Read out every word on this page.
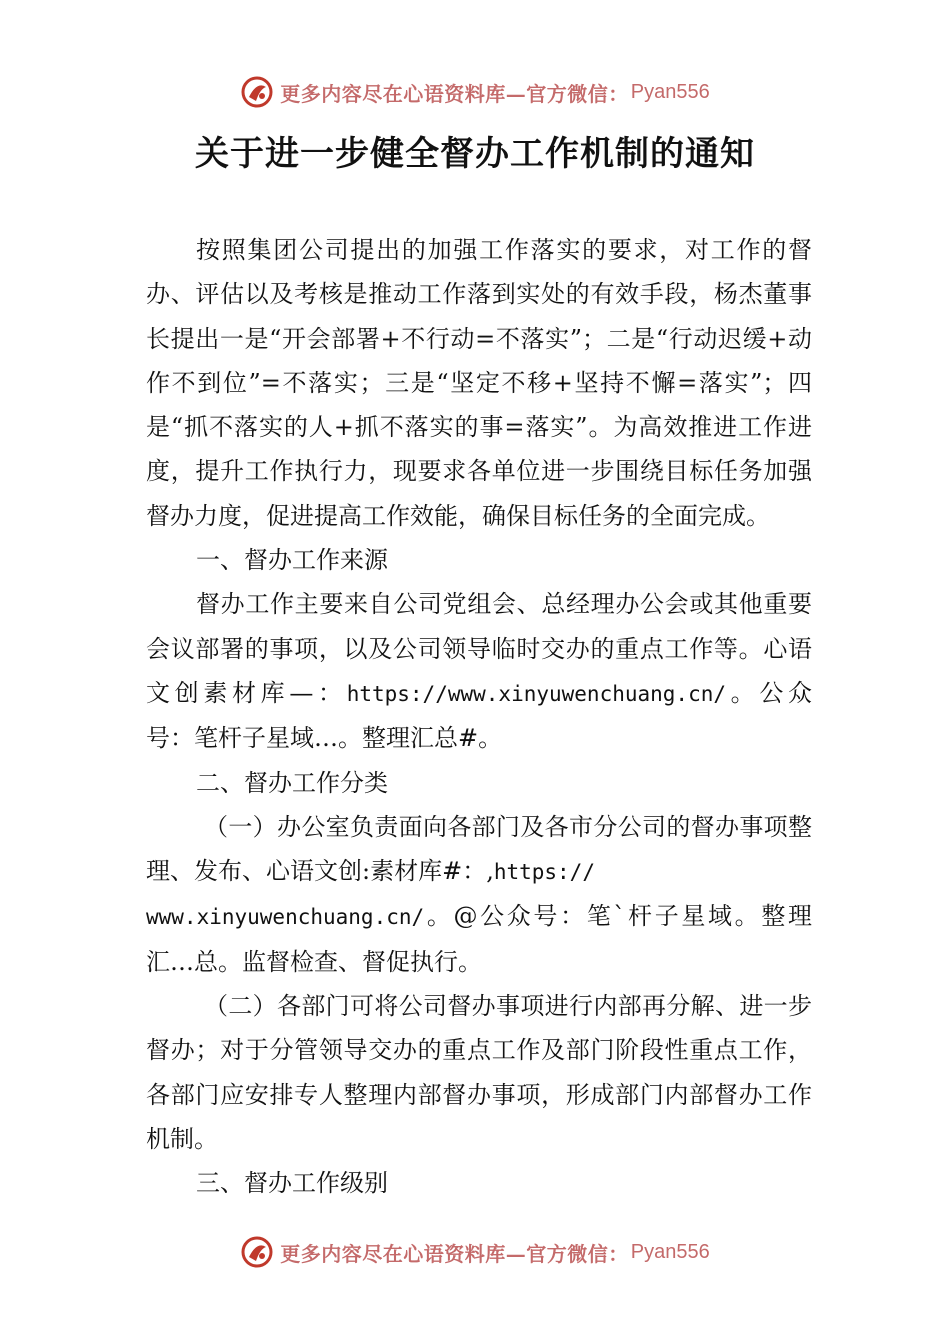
更多内容尽在心语资料库—官方微信： Pyan556
关于进一步健全督办工作机制的通知

按照集团公司提出的加强工作落实的要求，对工作的督办、评估以及考核是推动工作落到实处的有效手段，杨杰董事长提出一是“开会部署+不行动=不落实”；二是“行动迟缓+动作不到位”=不落实；三是“坚定不移+坚持不懈=落实”；四是“抓不落实的人+抓不落实的事=落实”。为高效推进工作进度，提升工作执行力，现要求各单位进一步围绕目标任务加强督办力度，促进提高工作效能，确保目标任务的全面完成。

一、督办工作来源

督办工作主要来自公司党组会、总经理办公会或其他重要会议部署的事项，以及公司领导临时交办的重点工作等。心语文创素材库—：https://www.xinyuwenchuang.cn/。公众号：笔杆子星域…。整理汇总#。

二、督办工作分类

（一）办公室负责面向各部门及各市分公司的督办事项整理、发布、心语文创:素材库#：,https://
www.xinyuwenchuang.cn/。@公众号：笔`杆子星域。整理汇…总。监督检查、督促执行。

（二）各部门可将公司督办事项进行内部再分解、进一步督办；对于分管领导交办的重点工作及部门阶段性重点工作，各部门应安排专人整理内部督办事项，形成部门内部督办工作机制。

三、督办工作级别

更多内容尽在心语资料库—官方微信： Pyan556
